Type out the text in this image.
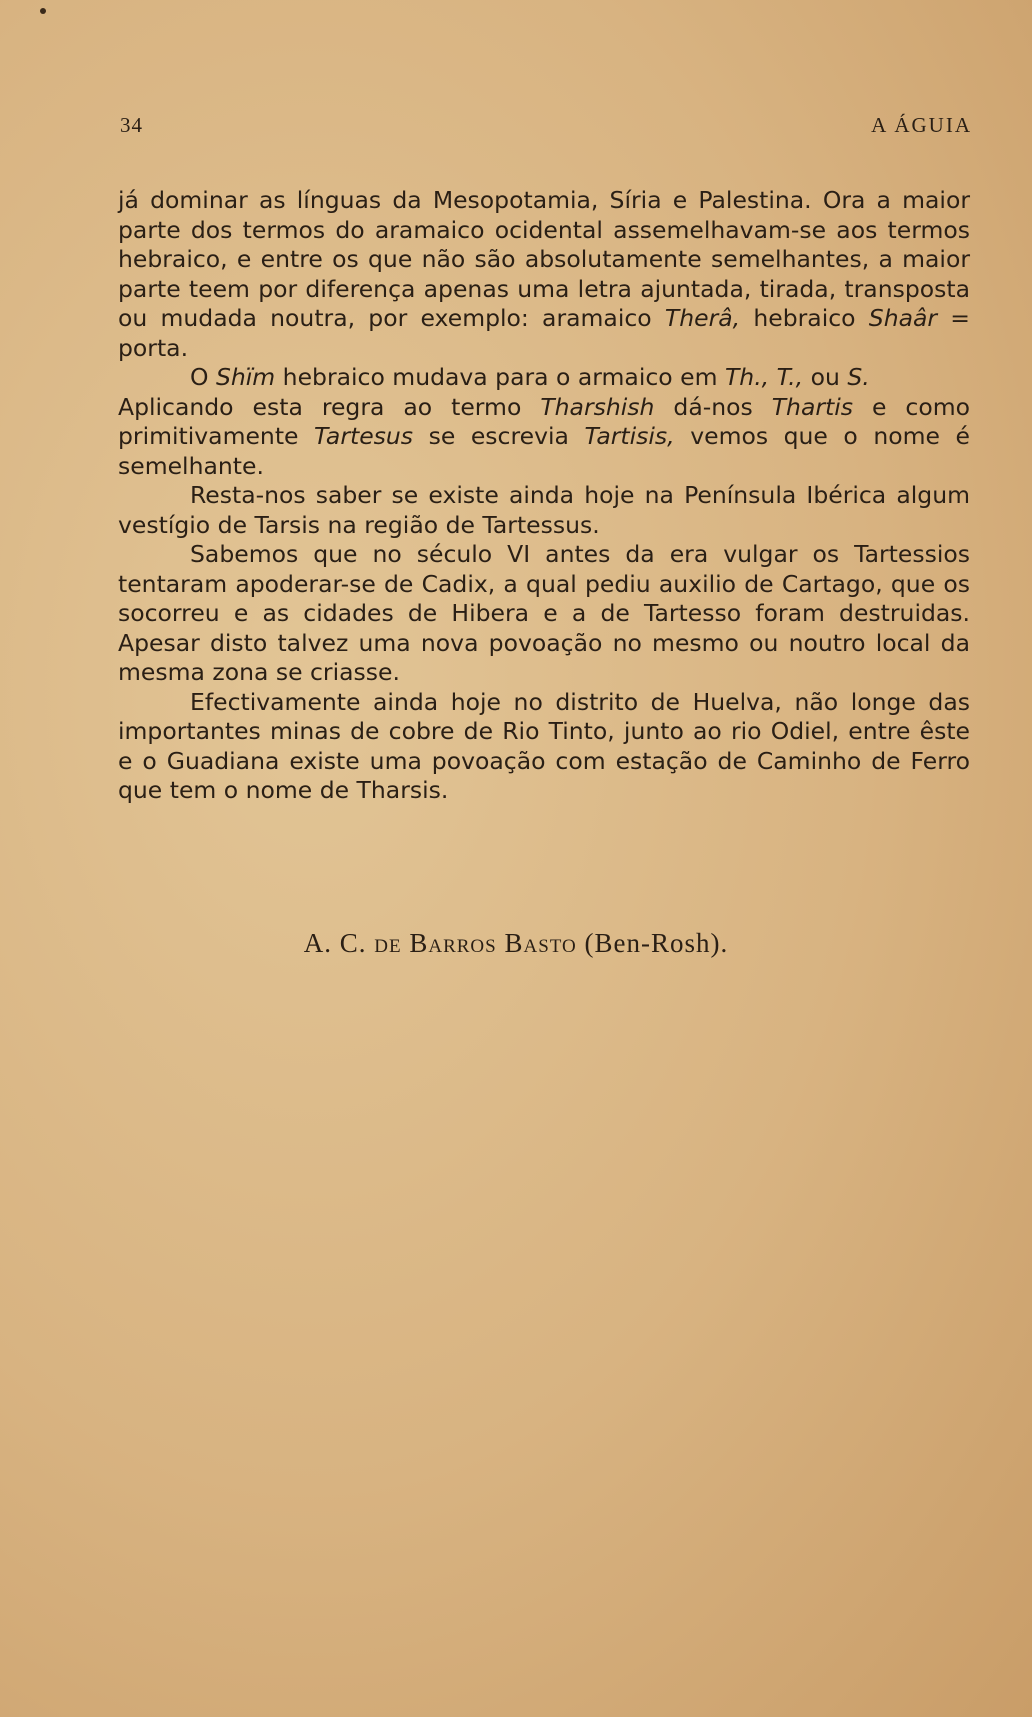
34	A ÁGUIA

já dominar as línguas da Mesopotamia, Síria e Palestina. Ora a maior parte dos termos do aramaico ocidental assemelhavam-se aos termos hebraico, e entre os que não são absolutamente semelhantes, a maior parte teem por diferença apenas uma letra ajuntada, tirada, transposta ou mudada noutra, por exemplo: aramaico Therâ, hebraico Shaâr = porta.

O Shïm hebraico mudava para o armaico em Th., T., ou S.

Aplicando esta regra ao termo Tharshish dá-nos Thartis e como primitivamente Tartesus se escrevia Tartisis, vemos que o nome é semelhante.

Resta-nos saber se existe ainda hoje na Península Ibérica algum vestígio de Tarsis na região de Tartessus.

Sabemos que no século VI antes da era vulgar os Tartessios tentaram apoderar-se de Cadix, a qual pediu auxilio de Cartago, que os socorreu e as cidades de Hibera e a de Tartesso foram destruidas. Apesar disto talvez uma nova povoação no mesmo ou noutro local da mesma zona se criasse.

Efectivamente ainda hoje no distrito de Huelva, não longe das importantes minas de cobre de Rio Tinto, junto ao rio Odiel, entre êste e o Guadiana existe uma povoação com estação de Caminho de Ferro que tem o nome de Tharsis.

A. C. DE BARROS BASTO (Ben-Rosh).
